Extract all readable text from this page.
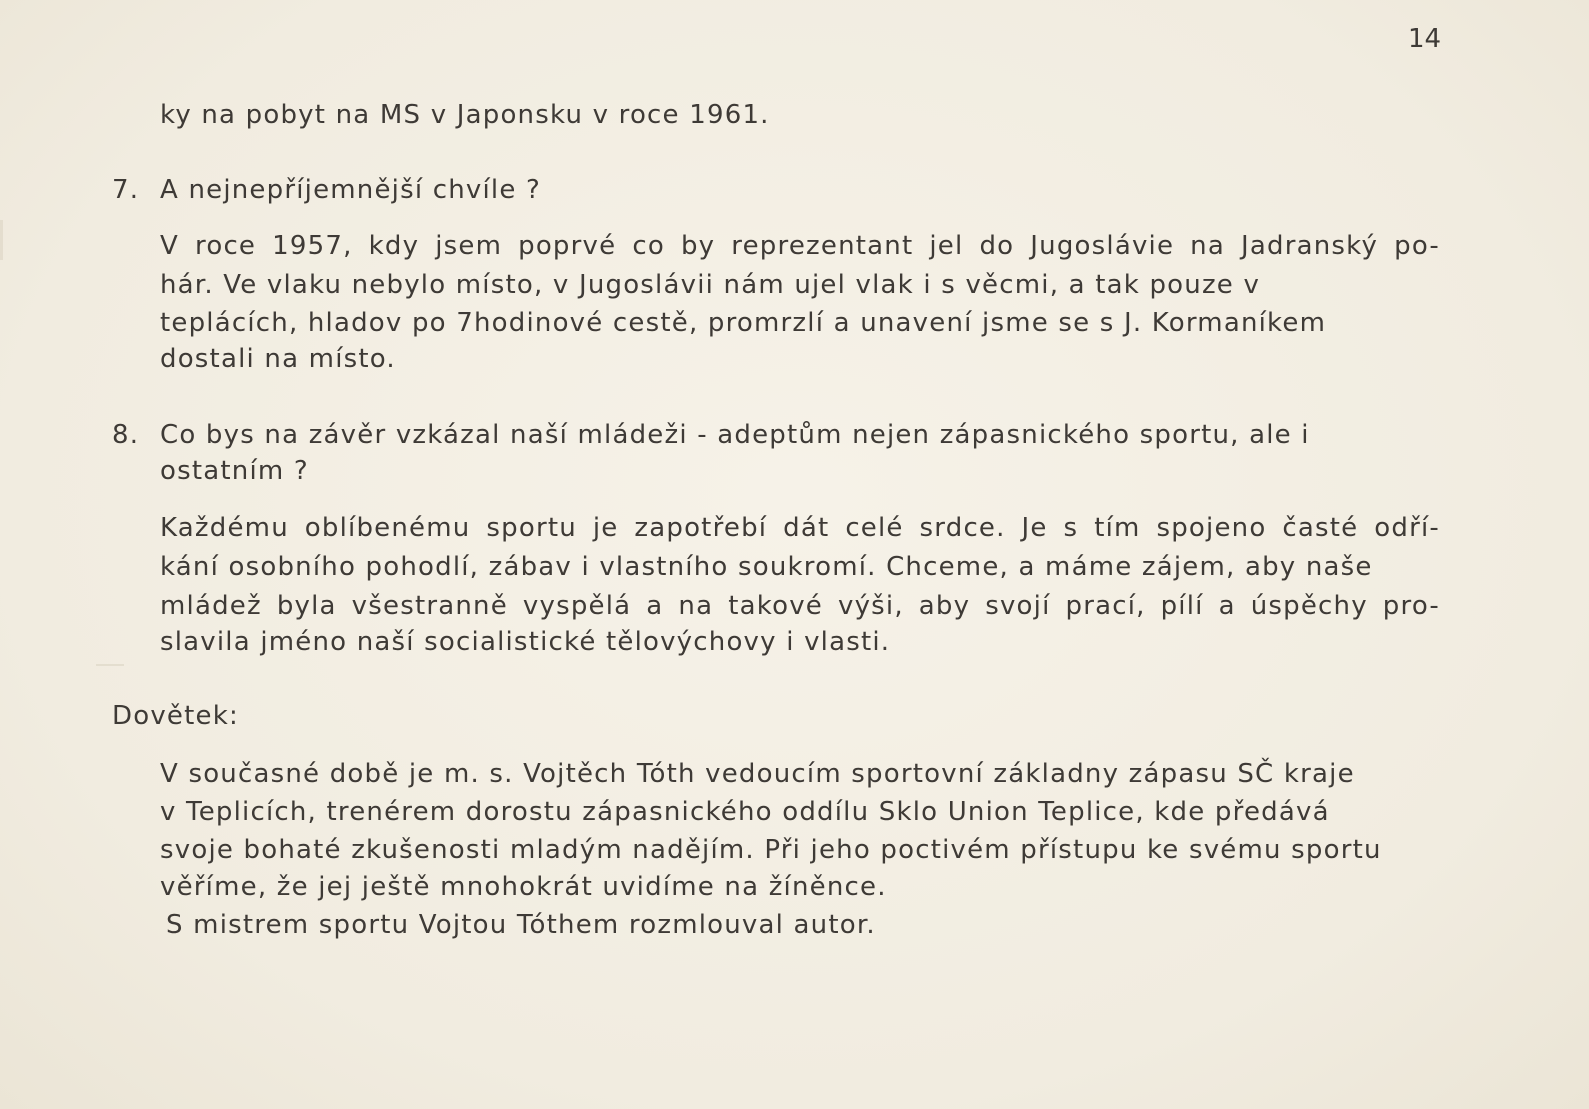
14
ky na pobyt na MS v Japonsku v roce 1961.
7. A nejnepříjemnější chvíle ?
V roce 1957, kdy jsem poprvé co by reprezentant jel do Jugoslávie na Jadranský po-
hár. Ve vlaku nebylo místo, v Jugoslávii nám ujel vlak i s věcmi, a tak pouze v
teplácích, hladov po 7hodinové cestě, promrzlí a unavení jsme se s J. Kormaníkem
dostali na místo.
8. Co bys na závěr vzkázal naší mládeži - adeptům nejen zápasnického sportu, ale i
ostatním ?
Každému oblíbenému sportu je zapotřebí dát celé srdce. Je s tím spojeno časté odří-
kání osobního pohodlí, zábav i vlastního soukromí. Chceme, a máme zájem, aby naše
mládež byla všestranně vyspělá a na takové výši, aby svojí prací, pílí a úspěchy pro-
slavila jméno naší socialistické tělovýchovy i vlasti.
Dovětek:
V současné době je m. s. Vojtěch Tóth vedoucím sportovní základny zápasu SČ kraje
v Teplicích, trenérem dorostu zápasnického oddílu Sklo Union Teplice, kde předává
svoje bohaté zkušenosti mladým nadějím. Při jeho poctivém přístupu ke svému sportu
věříme, že jej ještě mnohokrát uvidíme na žíněnce.
S mistrem sportu Vojtou Tóthem rozmlouval autor.
